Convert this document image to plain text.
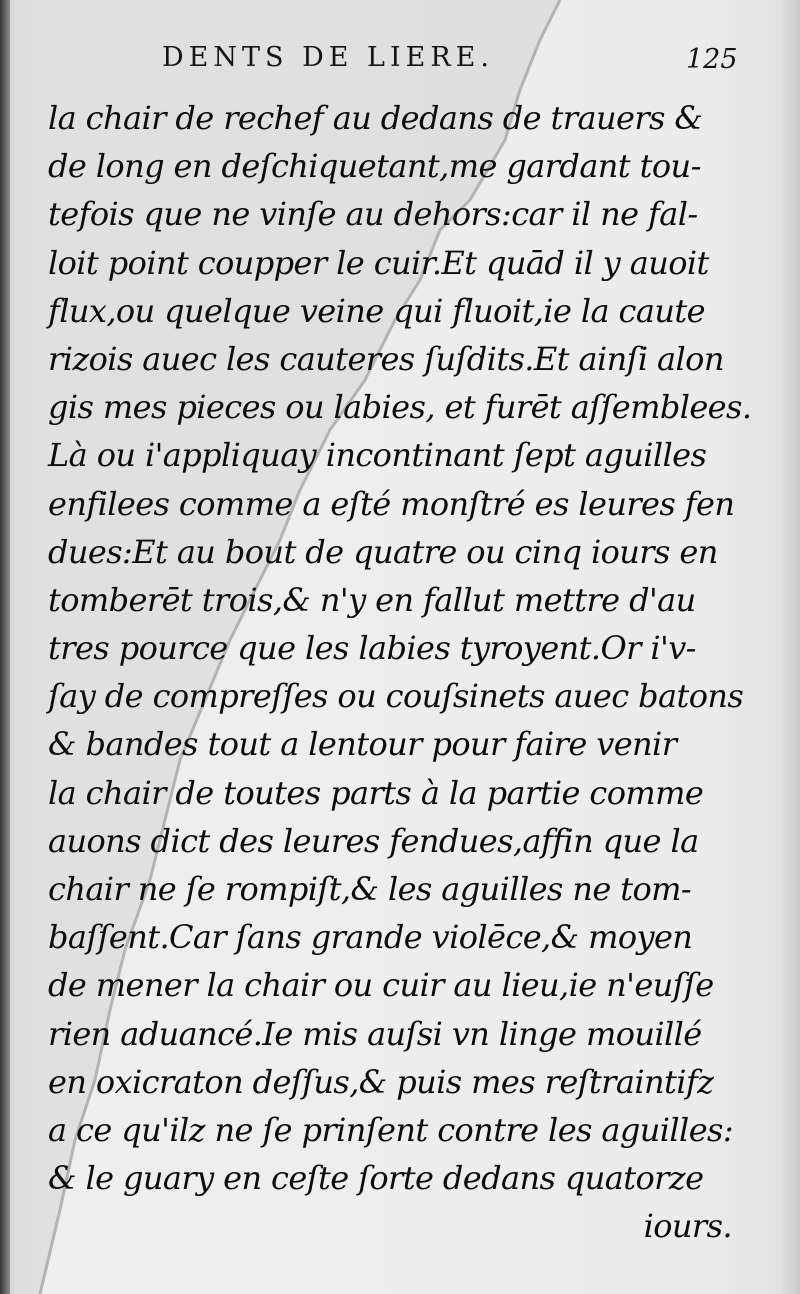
DENTS DE LIERE.	125
la chair de rechef au dedans de trauers &
de long en deſchiquetant,me gardant tou-
tefois que ne vinſe au dehors:car il ne fal-
loit point coupper le cuir.Et quād il y auoit
flux,ou quelque veine qui fluoit,ie la caute
rizois auec les cauteres ſuſdits.Et ainſi alon
gis mes pieces ou labies, et furēt aſſemblees.
Là ou i'appliquay incontinant ſept aguilles
enfilees comme a eſté monſtré es leures fen
dues:Et au bout de quatre ou cinq iours en
tomberēt trois,& n'y en fallut mettre d'au
tres pource que les labies tyroyent.Or i'v-
ſay de compreſſes ou couſsinets auec batons
& bandes tout a lentour pour faire venir
la chair de toutes parts à la partie comme
auons dict des leures fendues,affin que la
chair ne ſe rompiſt,& les aguilles ne tom-
baſſent.Car ſans grande violēce,& moyen
de mener la chair ou cuir au lieu,ie n'euſſe
rien aduancé.Ie mis auſsi vn linge mouillé
en oxicraton deſſus,& puis mes reſtraintifz
a ce qu'ilz ne ſe prinſent contre les aguilles:
& le guary en ceſte ſorte dedans quatorze
iours.
